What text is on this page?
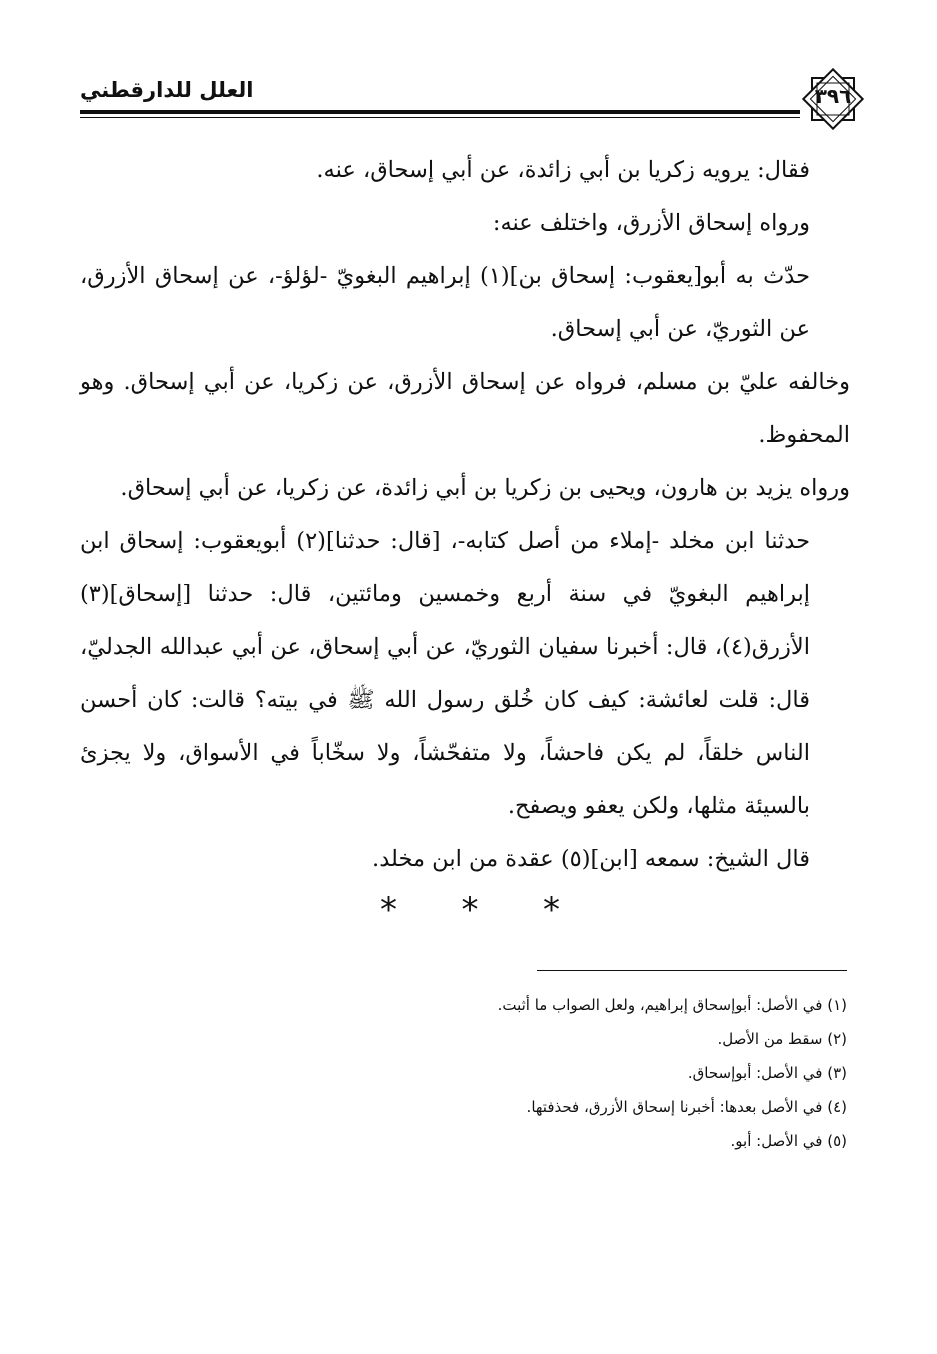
العلل للدارقطني	٣٩٦

فقال: يرويه زكريا بن أبي زائدة، عن أبي إسحاق، عنه.

ورواه إسحاق الأزرق، واختلف عنه:

حدّث به أبو[يعقوب: إسحاق بن](١) إبراهيم البغويّ -لؤلؤ-، عن إسحاق الأزرق، عن الثوريّ، عن أبي إسحاق.

وخالفه عليّ بن مسلم، فرواه عن إسحاق الأزرق، عن زكريا، عن أبي إسحاق. وهو المحفوظ.

ورواه يزيد بن هارون، ويحيى بن زكريا بن أبي زائدة، عن زكريا، عن أبي إسحاق.

حدثنا ابن مخلد -إملاء من أصل كتابه-، [قال: حدثنا](٢) أبويعقوب: إسحاق ابن إبراهيم البغويّ في سنة أربع وخمسين ومائتين، قال: حدثنا [إسحاق](٣) الأزرق(٤)، قال: أخبرنا سفيان الثوريّ، عن أبي إسحاق، عن أبي عبدالله الجدليّ، قال: قلت لعائشة: كيف كان خُلق رسول الله ﷺ في بيته؟ قالت: كان أحسن الناس خلقاً، لم يكن فاحشاً، ولا متفحّشاً، ولا سخّاباً في الأسواق، ولا يجزئ بالسيئة مثلها، ولكن يعفو ويصفح.

قال الشيخ: سمعه [ابن](٥) عقدة من ابن مخلد.

* * *
(١) في الأصل: أبوإسحاق إبراهيم، ولعل الصواب ما أثبت.
(٢) سقط من الأصل.
(٣) في الأصل: أبوإسحاق.
(٤) في الأصل بعدها: أخبرنا إسحاق الأزرق، فحذفتها.
(٥) في الأصل: أبو.
